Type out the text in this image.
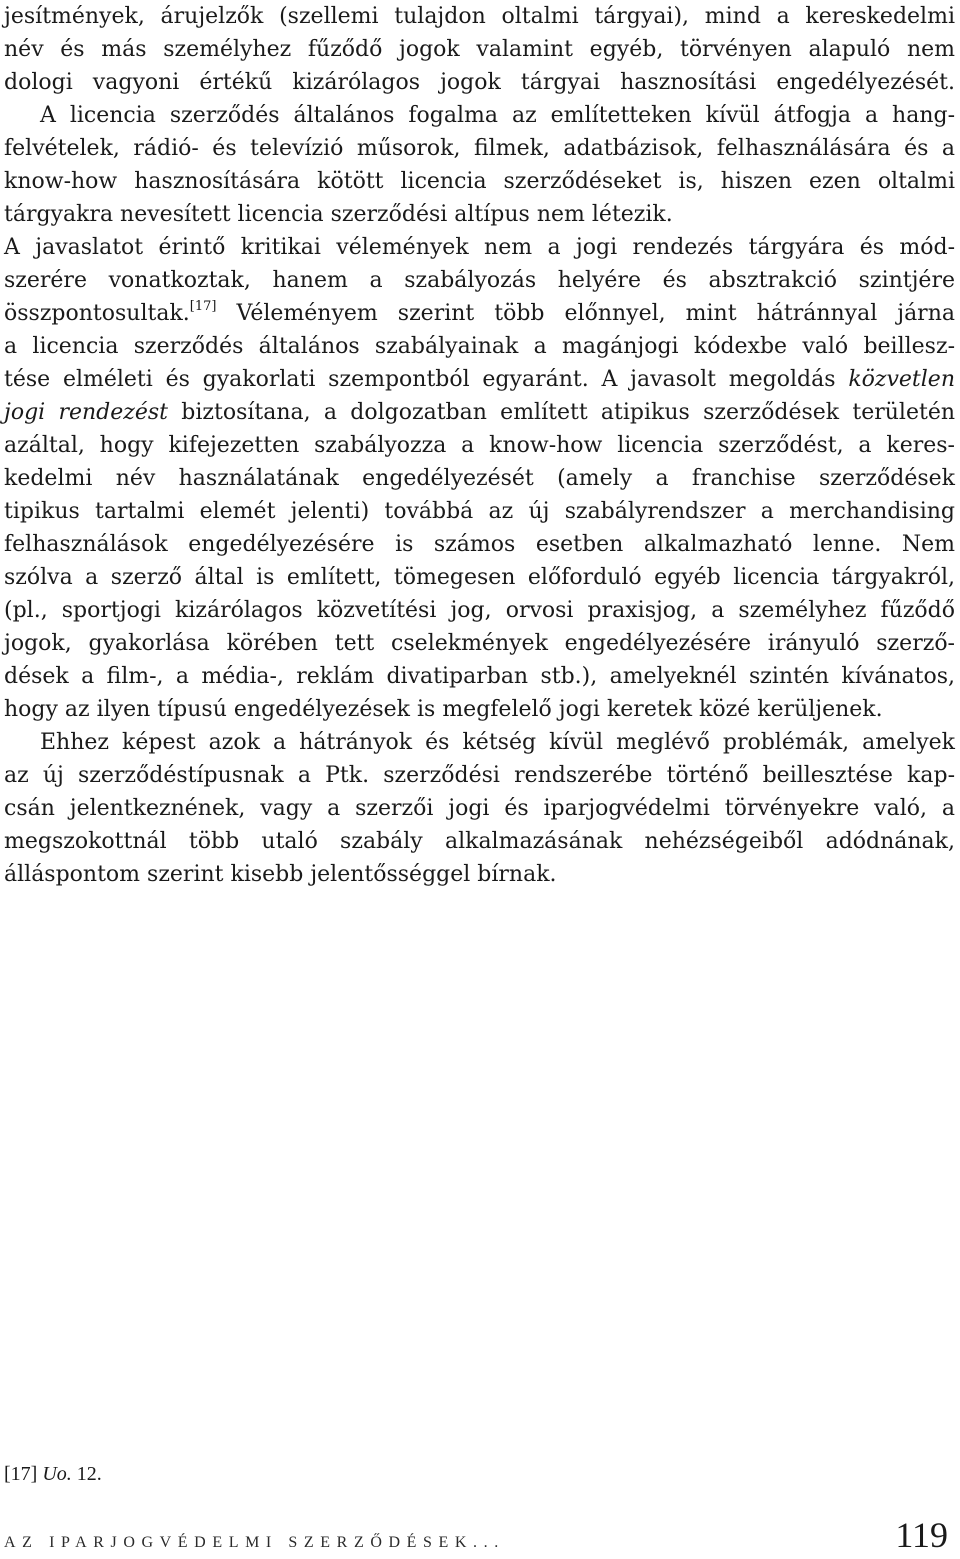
jesítmények, árujelzők (szellemi tulajdon oltalmi tárgyai), mind a kereskedelmi
név és más személyhez fűződő jogok valamint egyéb, törvényen alapuló nem
dologi vagyoni értékű kizárólagos jogok tárgyai hasznosítási engedélyezését.
A licencia szerződés általános fogalma az említetteken kívül átfogja a hang-
felvételek, rádió- és televízió műsorok, filmek, adatbázisok, felhasználására és a
know-how hasznosítására kötött licencia szerződéseket is, hiszen ezen oltalmi
tárgyakra nevesített licencia szerződési altípus nem létezik.
A javaslatot érintő kritikai vélemények nem a jogi rendezés tárgyára és mód-
szerére vonatkoztak, hanem a szabályozás helyére és absztrakció szintjére
összpontosultak.[17] Véleményem szerint több előnnyel, mint hátránnyal járna
a licencia szerződés általános szabályainak a magánjogi kódexbe való beillesz-
tése elméleti és gyakorlati szempontból egyaránt. A javasolt megoldás közvetlen
jogi rendezést biztosítana, a dolgozatban említett atipikus szerződések területén
azáltal, hogy kifejezetten szabályozza a know-how licencia szerződést, a keres-
kedelmi név használatának engedélyezését (amely a franchise szerződések
tipikus tartalmi elemét jelenti) továbbá az új szabályrendszer a merchandising
felhasználások engedélyezésére is számos esetben alkalmazható lenne. Nem
szólva a szerző által is említett, tömegesen előforduló egyéb licencia tárgyakról,
(pl., sportjogi kizárólagos közvetítési jog, orvosi praxisjog, a személyhez fűződő
jogok, gyakorlása körében tett cselekmények engedélyezésére irányuló szerző-
dések a film-, a média-, reklám divatiparban stb.), amelyeknél szintén kívánatos,
hogy az ilyen típusú engedélyezések is megfelelő jogi keretek közé kerüljenek.
Ehhez képest azok a hátrányok és kétség kívül meglévő problémák, amelyek
az új szerződéstípusnak a Ptk. szerződési rendszerébe történő beillesztése kap-
csán jelentkeznének, vagy a szerzői jogi és iparjogvédelmi törvényekre való, a
megszokottnál több utaló szabály alkalmazásának nehézségeiből adódnának,
álláspontom szerint kisebb jelentősséggel bírnak.
[17] Uo. 12.
AZ IPARJOGVÉDELMI SZERZŐDÉSEK...	119
